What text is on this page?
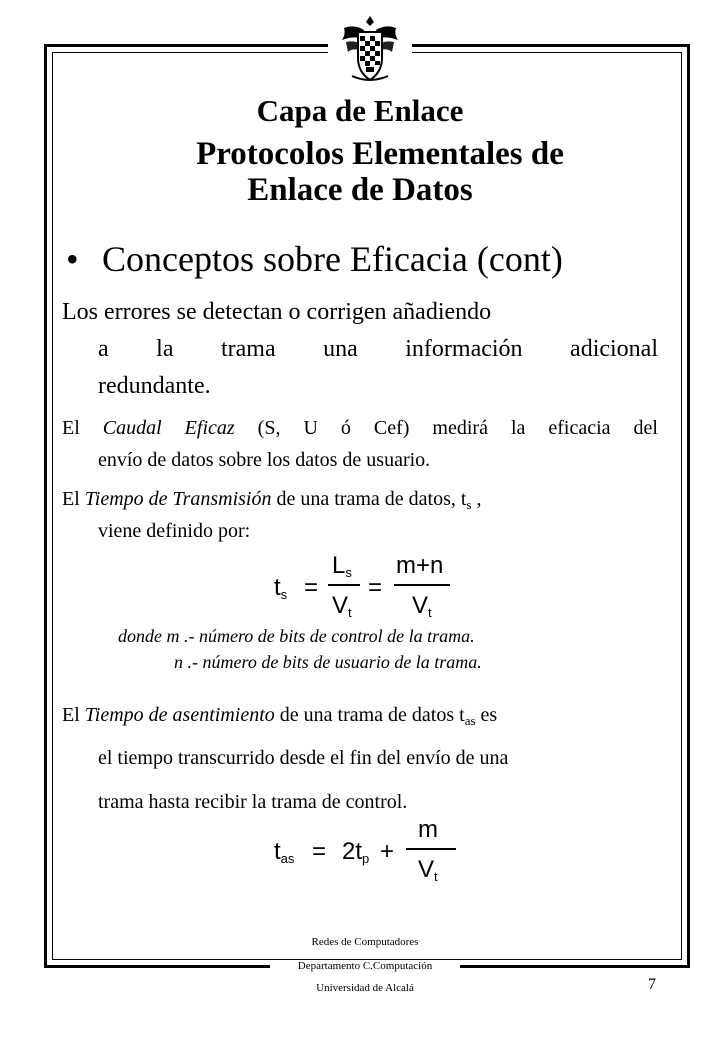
Capa de Enlace
Protocolos Elementales de
Enlace de Datos
• Conceptos sobre Eficacia (cont)
Los errores se detectan o corrigen añadiendo
a la trama una información adicional
redundante.
El Caudal Eficaz (S, U ó Cef) medirá la eficacia del
envío de datos sobre los datos de usuario.
El Tiempo de Transmisión de una trama de datos, $t_s$ ,
viene definido por:
$t_s$ =
$L_s$
$V_t$
=
m+n
$V_t$
donde m .- número de bits de control de la trama.
n .- número de bits de usuario de la trama.
El Tiempo de asentimiento de una trama de datos $t_{as}$ es
el tiempo transcurrido desde el fin del envío de una
trama hasta recibir la trama de control.
$t_{as} = 2t_p$ +
m
$V_t$
Redes de Computadores
Departamento C.Computación
Universidad de Alcalá	7
